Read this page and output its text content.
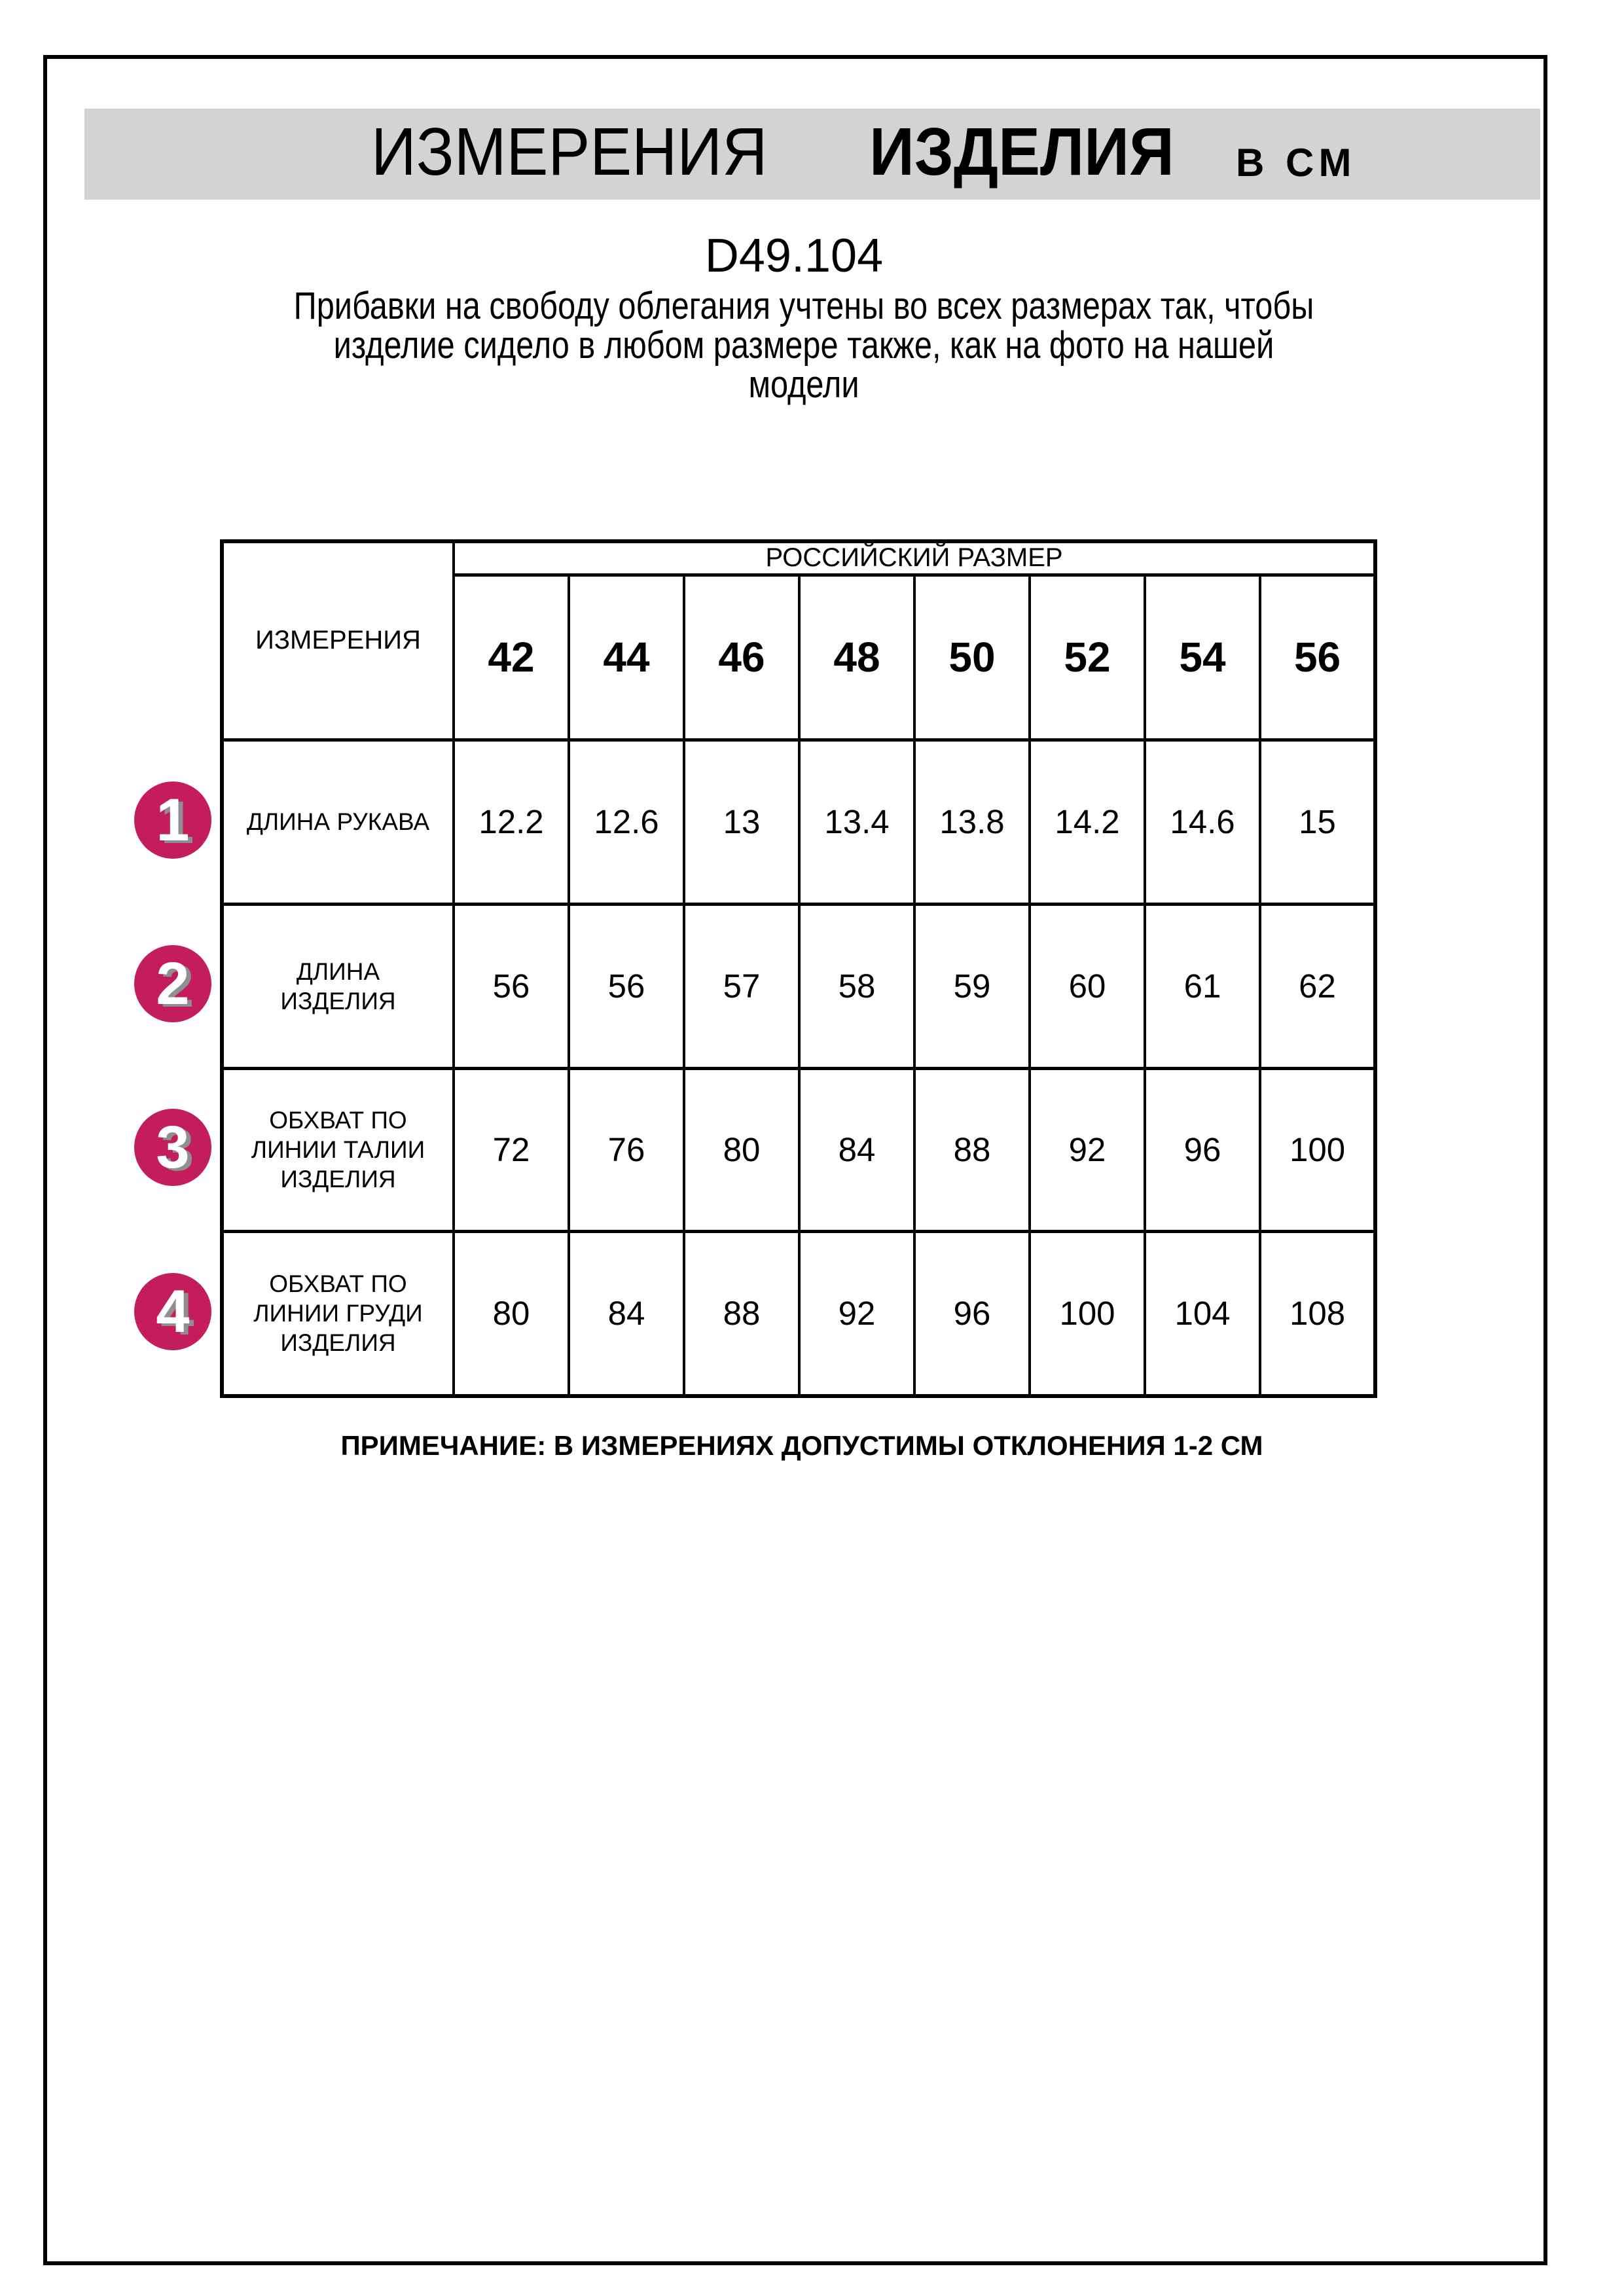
ИЗМЕРЕНИЯ ИЗДЕЛИЯ В СМ
D49.104
Прибавки на свободу облегания учтены во всех размерах так, чтобы
изделие сидело в любом размере также, как на фото на нашей
модели
ИЗМЕРЕНИЯ	РОССИЙСКИЙ РАЗМЕР							
	42	44	46	48	50	52	54	56

ДЛИНА РУКАВА	12.2	12.6	13	13.4	13.8	14.2	14.6	15

ДЛИНА
ИЗДЕЛИЯ	56	56	57	58	59	60	61	62

ОБХВАТ ПО
ЛИНИИ ТАЛИИ
ИЗДЕЛИЯ	72	76	80	84	88	92	96	100

ОБХВАТ ПО
ЛИНИИ ГРУДИ
ИЗДЕЛИЯ	80	84	88	92	96	100	104	108
1
2
3
4
ПРИМЕЧАНИЕ: В ИЗМЕРЕНИЯХ ДОПУСТИМЫ ОТКЛОНЕНИЯ 1-2 СМ
